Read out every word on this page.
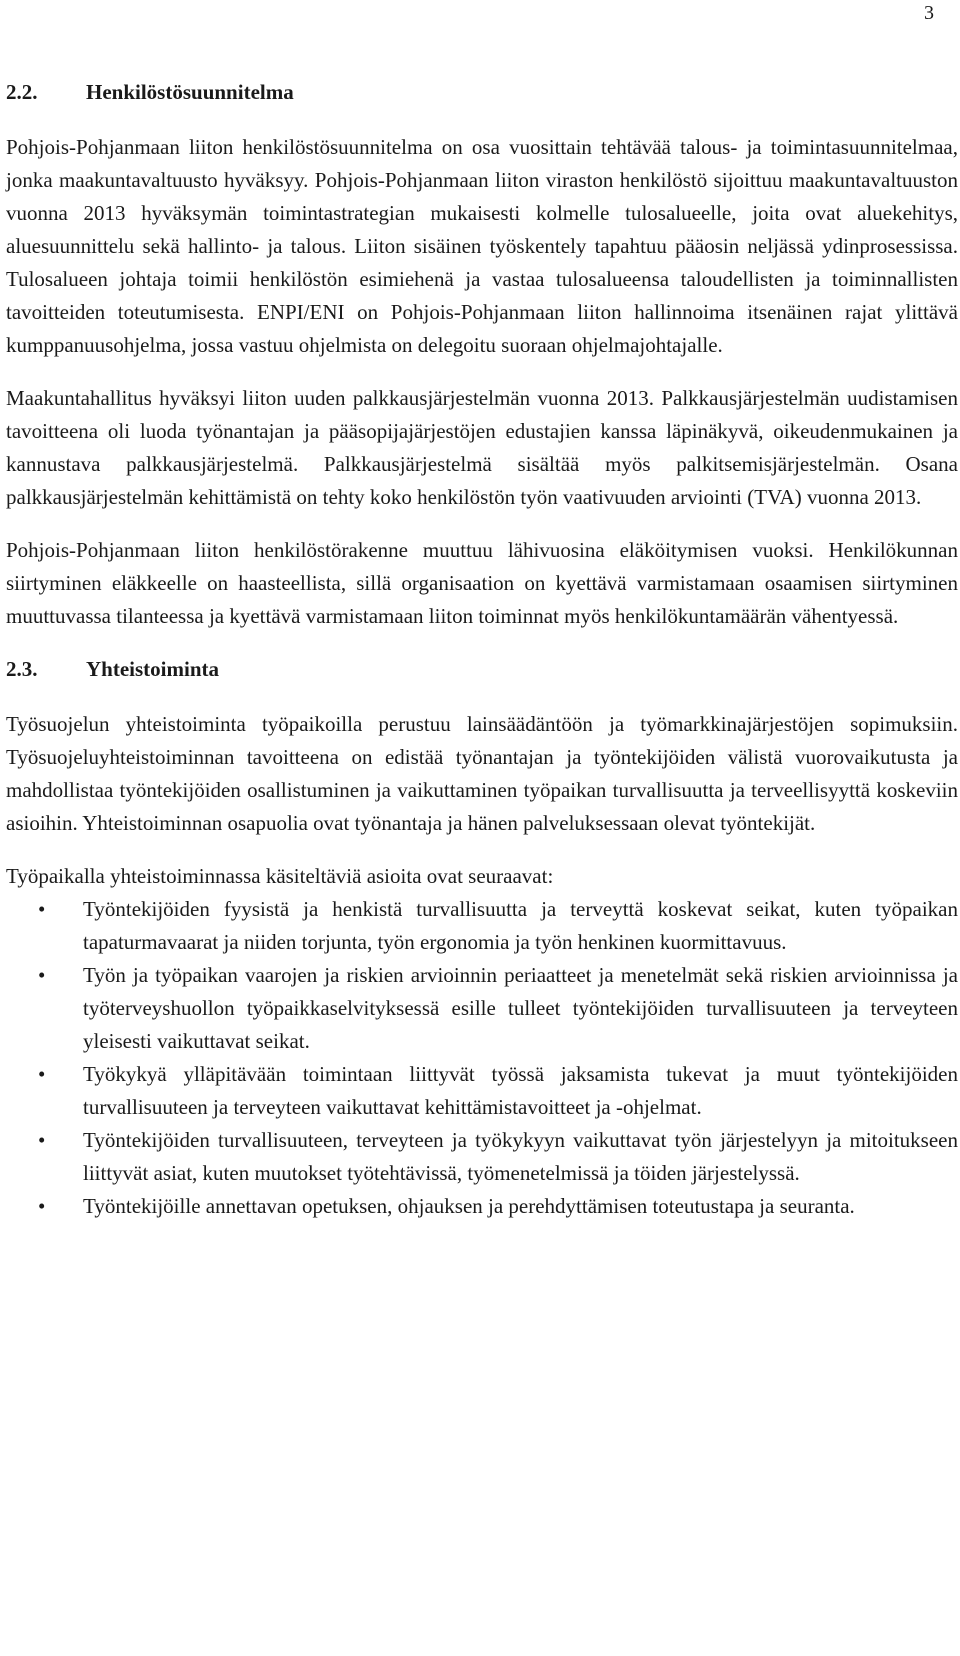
3
2.2.	Henkilöstösuunnitelma

Pohjois-Pohjanmaan liiton henkilöstösuunnitelma on osa vuosittain tehtävää talous- ja toimintasuunnitelmaa, jonka maakuntavaltuusto hyväksyy. Pohjois-Pohjanmaan liiton viraston henkilöstö sijoittuu maakuntavaltuuston vuonna 2013 hyväksymän toimintastrategian mukaisesti kolmelle tulosalueelle, joita ovat aluekehitys, aluesuunnittelu sekä hallinto- ja talous. Liiton sisäinen työskentely tapahtuu pääosin neljässä ydinprosessissa. Tulosalueen johtaja toimii henkilöstön esimiehenä ja vastaa tulosalueensa taloudellisten ja toiminnallisten tavoitteiden toteutumisesta. ENPI/ENI on Pohjois-Pohjanmaan liiton hallinnoima itsenäinen rajat ylittävä kumppanuusohjelma, jossa vastuu ohjelmista on delegoitu suoraan ohjelmajohtajalle.

Maakuntahallitus hyväksyi liiton uuden palkkausjärjestelmän vuonna 2013. Palkkausjärjestelmän uudistamisen tavoitteena oli luoda työnantajan ja pääsopijajärjestöjen edustajien kanssa läpinäkyvä, oikeudenmukainen ja kannustava palkkausjärjestelmä. Palkkausjärjestelmä sisältää myös palkitsemisjärjestelmän. Osana palkkausjärjestelmän kehittämistä on tehty koko henkilöstön työn vaativuuden arviointi (TVA) vuonna 2013.

Pohjois-Pohjanmaan liiton henkilöstörakenne muuttuu lähivuosina eläköitymisen vuoksi. Henkilökunnan siirtyminen eläkkeelle on haasteellista, sillä organisaation on kyettävä varmistamaan osaamisen siirtyminen muuttuvassa tilanteessa ja kyettävä varmistamaan liiton toiminnat myös henkilökuntamäärän vähentyessä.

2.3.	Yhteistoiminta

Työsuojelun yhteistoiminta työpaikoilla perustuu lainsäädäntöön ja työmarkkinajärjestöjen sopimuksiin. Työsuojeluyhteistoiminnan tavoitteena on edistää työnantajan ja työntekijöiden välistä vuorovaikutusta ja mahdollistaa työntekijöiden osallistuminen ja vaikuttaminen työpaikan turvallisuutta ja terveellisyyttä koskeviin asioihin. Yhteistoiminnan osapuolia ovat työnantaja ja hänen palveluksessaan olevat työntekijät.

Työpaikalla yhteistoiminnassa käsiteltäviä asioita ovat seuraavat:

• Työntekijöiden fyysistä ja henkistä turvallisuutta ja terveyttä koskevat seikat, kuten työpaikan tapaturmavaarat ja niiden torjunta, työn ergonomia ja työn henkinen kuormittavuus.
• Työn ja työpaikan vaarojen ja riskien arvioinnin periaatteet ja menetelmät sekä riskien arvioinnissa ja työterveyshuollon työpaikkaselvityksessä esille tulleet työntekijöiden turvallisuuteen ja terveyteen yleisesti vaikuttavat seikat.
• Työkykyä ylläpitävään toimintaan liittyvät työssä jaksamista tukevat ja muut työntekijöiden turvallisuuteen ja terveyteen vaikuttavat kehittämistavoitteet ja -ohjelmat.
• Työntekijöiden turvallisuuteen, terveyteen ja työkykyyn vaikuttavat työn järjestelyyn ja mitoitukseen liittyvät asiat, kuten muutokset työtehtävissä, työmenetelmissä ja töiden järjestelyssä.
• Työntekijöille annettavan opetuksen, ohjauksen ja perehdyttämisen toteutustapa ja seuranta.
